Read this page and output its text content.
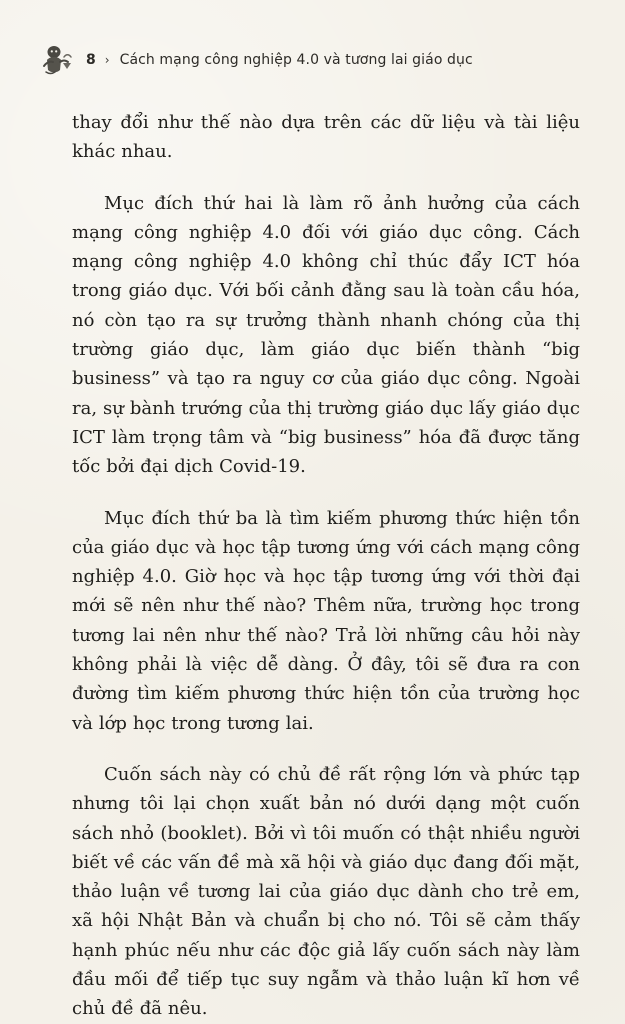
8 › Cách mạng công nghiệp 4.0 và tương lai giáo dục

thay đổi như thế nào dựa trên các dữ liệu và tài liệu khác nhau.

Mục đích thứ hai là làm rõ ảnh hưởng của cách mạng công nghiệp 4.0 đối với giáo dục công. Cách mạng công nghiệp 4.0 không chỉ thúc đẩy ICT hóa trong giáo dục. Với bối cảnh đằng sau là toàn cầu hóa, nó còn tạo ra sự trưởng thành nhanh chóng của thị trường giáo dục, làm giáo dục biến thành “big business” và tạo ra nguy cơ của giáo dục công. Ngoài ra, sự bành trướng của thị trường giáo dục lấy giáo dục ICT làm trọng tâm và “big business” hóa đã được tăng tốc bởi đại dịch Covid-19.

Mục đích thứ ba là tìm kiếm phương thức hiện tồn của giáo dục và học tập tương ứng với cách mạng công nghiệp 4.0. Giờ học và học tập tương ứng với thời đại mới sẽ nên như thế nào? Thêm nữa, trường học trong tương lai nên như thế nào? Trả lời những câu hỏi này không phải là việc dễ dàng. Ở đây, tôi sẽ đưa ra con đường tìm kiếm phương thức hiện tồn của trường học và lớp học trong tương lai.

Cuốn sách này có chủ đề rất rộng lớn và phức tạp nhưng tôi lại chọn xuất bản nó dưới dạng một cuốn sách nhỏ (booklet). Bởi vì tôi muốn có thật nhiều người biết về các vấn đề mà xã hội và giáo dục đang đối mặt, thảo luận về tương lai của giáo dục dành cho trẻ em, xã hội Nhật Bản và chuẩn bị cho nó. Tôi sẽ cảm thấy hạnh phúc nếu như các độc giả lấy cuốn sách này làm đầu mối để tiếp tục suy ngẫm và thảo luận kĩ hơn về chủ đề đã nêu.
